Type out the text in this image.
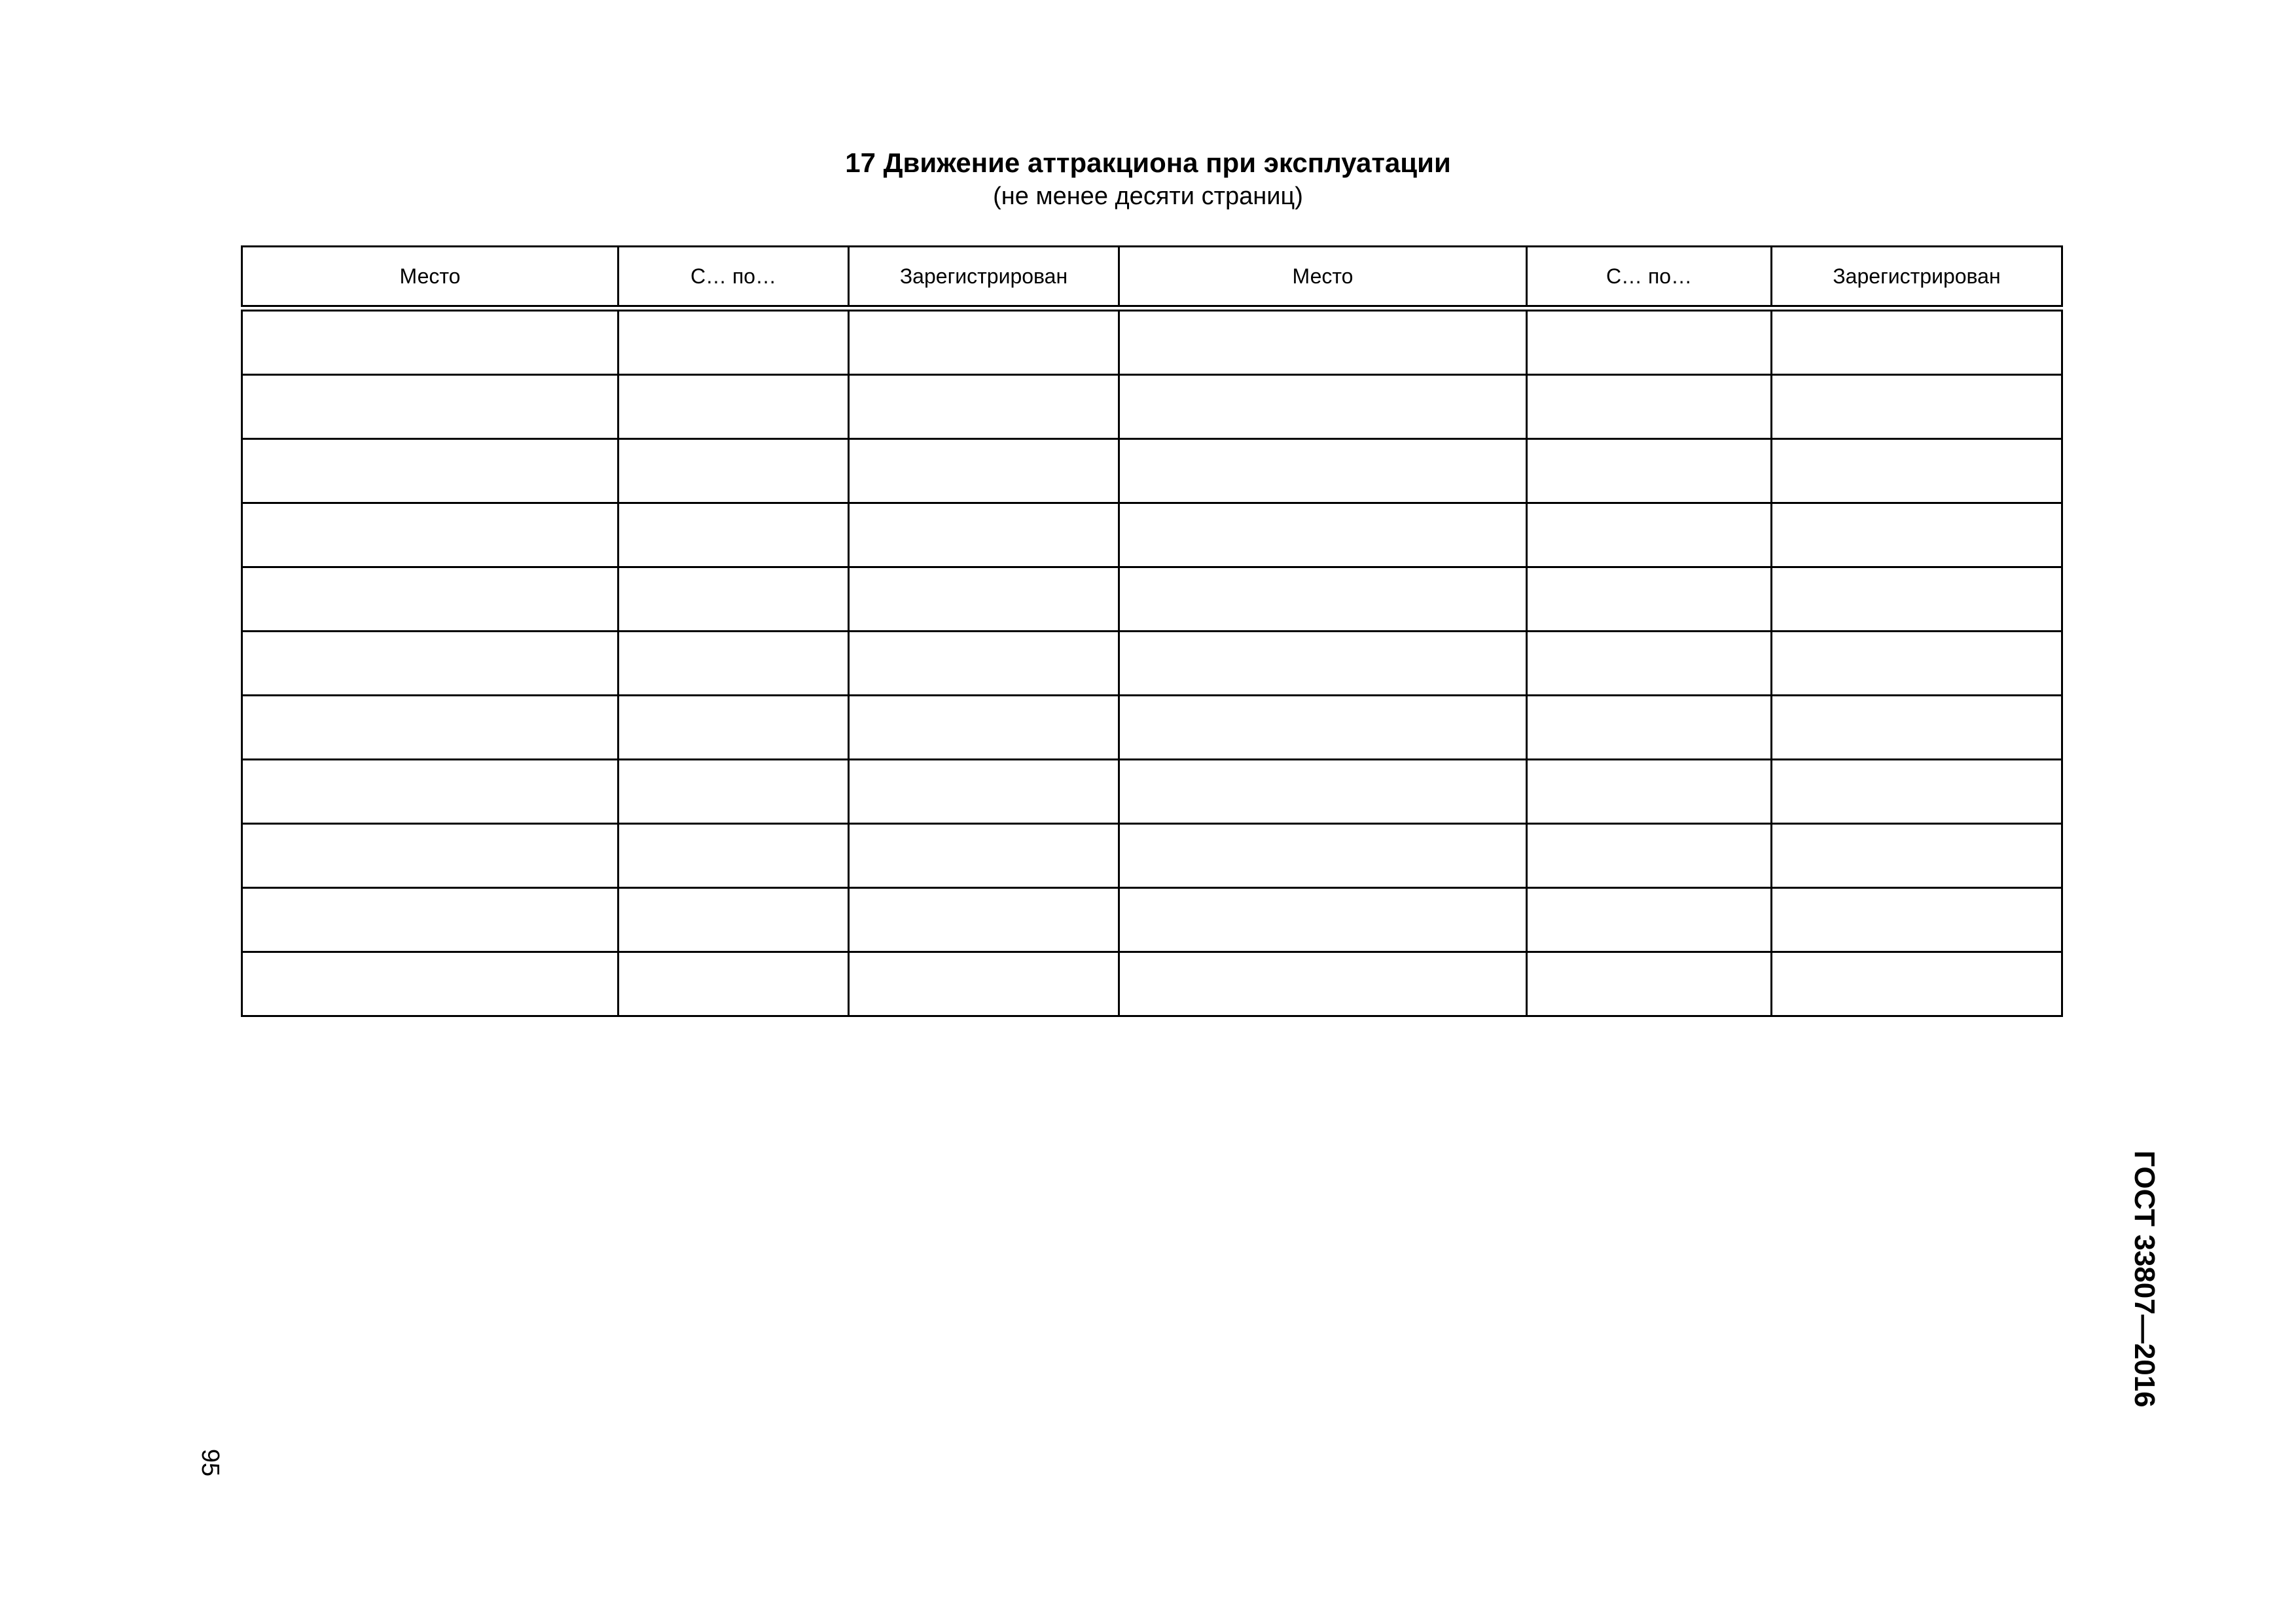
17 Движение аттракциона при эксплуатации
(не менее десяти страниц)
Место	С… по…	Зарегистрирован	Место	С… по…	Зарегистрирован

95
ГОСТ 33807—2016
